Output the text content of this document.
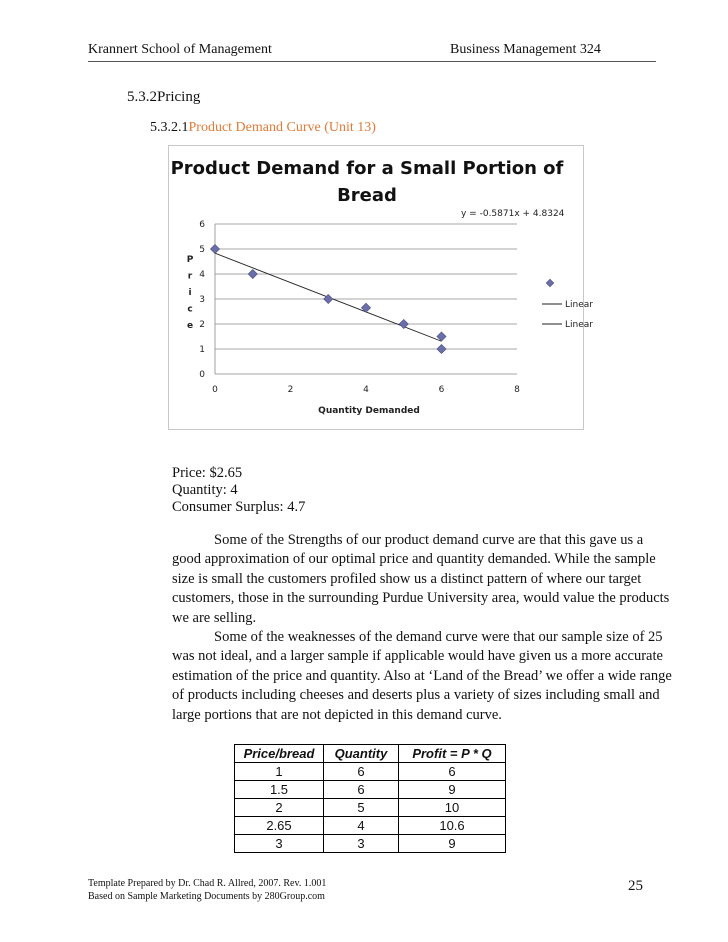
Krannert School of Management	Business Management 324
5.3.2Pricing
5.3.2.1Product Demand Curve (Unit 13)
Product Demand for a Small Portion of
Bread
y = -0.5871x + 4.8324
Quantity Demanded
P
r
i
c
e
0
1
2
3
4
5
6
0	2	4	6	8
Linear
Linear
Price: $2.65
Quantity: 4
Consumer Surplus: 4.7

Some of the Strengths of our product demand curve are that this gave us a good approximation of our optimal price and quantity demanded. While the sample size is small the customers profiled show us a distinct pattern of where our target customers, those in the surrounding Purdue University area, would value the products we are selling.

Some of the weaknesses of the demand curve were that our sample size of 25 was not ideal, and a larger sample if applicable would have given us a more accurate estimation of the price and quantity. Also at ‘Land of the Bread’ we offer a wide range of products including cheeses and deserts plus a variety of sizes including small and large portions that are not depicted in this demand curve.

Price/bread	Quantity	Profit = P * Q
1	6	6
1.5	6	9
2	5	10
2.65	4	10.6
3	3	9
Template Prepared by Dr. Chad R. Allred, 2007. Rev. 1.001
Based on Sample Marketing Documents by 280Group.com
25
